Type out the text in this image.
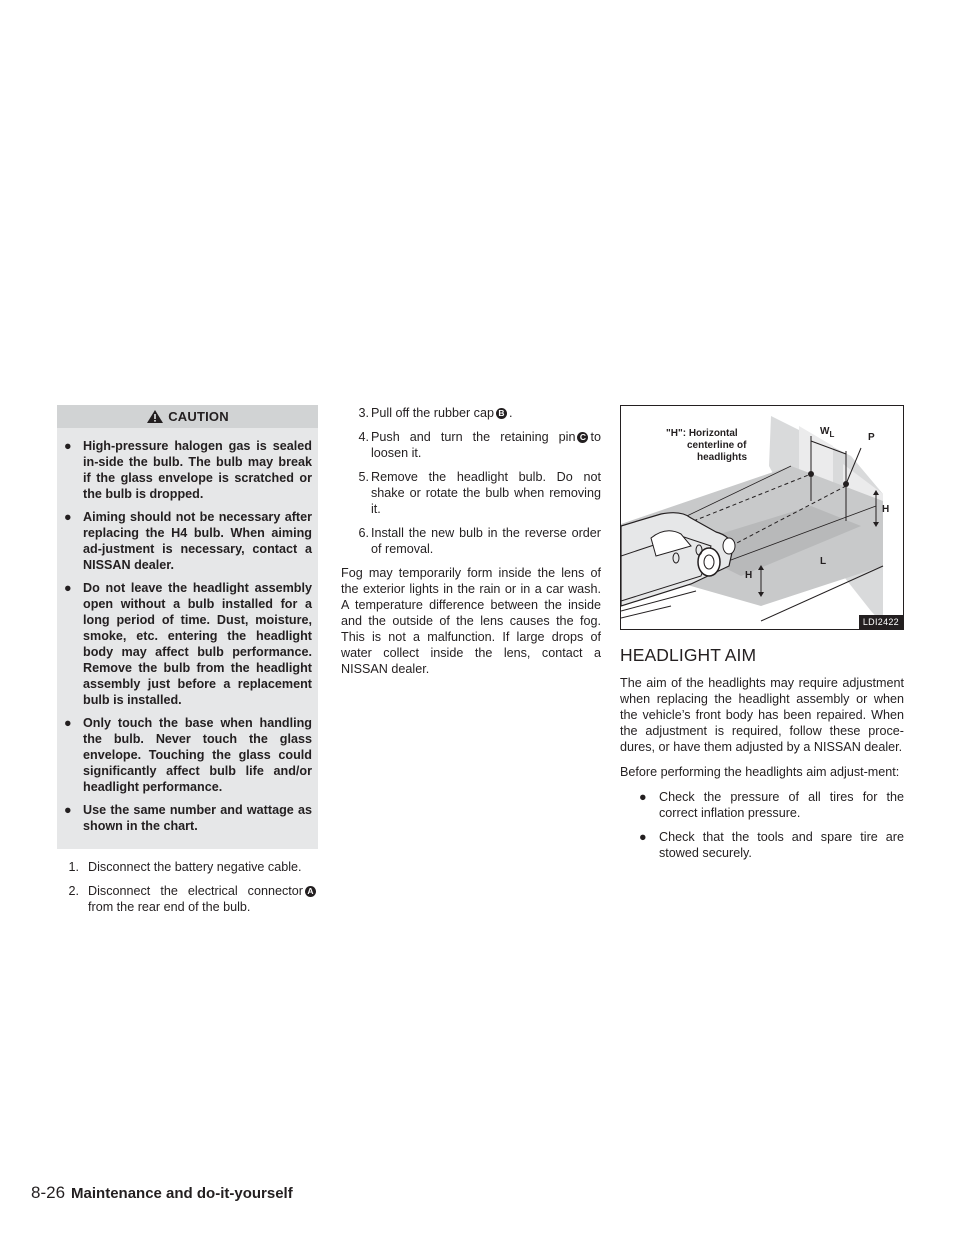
CAUTION
● High-pressure halogen gas is sealed in-side the bulb. The bulb may break if the glass envelope is scratched or the bulb is dropped.
● Aiming should not be necessary after replacing the H4 bulb. When aiming ad-justment is necessary, contact a NISSAN dealer.
● Do not leave the headlight assembly open without a bulb installed for a long period of time. Dust, moisture, smoke, etc. entering the headlight body may affect bulb performance. Remove the bulb from the headlight assembly just before a replacement bulb is installed.
● Only touch the base when handling the bulb. Never touch the glass envelope. Touching the glass could significantly affect bulb life and/or headlight performance.
● Use the same number and wattage as shown in the chart.
1. Disconnect the battery negative cable.
2. Disconnect the electrical connector Afrom the rear end of the bulb.
3. Pull off the rubber cap B .
4. Push and turn the retaining pin C to loosen it.
5. Remove the headlight bulb. Do not shake or rotate the bulb when removing it.
6. Install the new bulb in the reverse order of removal.

Fog may temporarily form inside the lens of the exterior lights in the rain or in a car wash. A temperature difference between the inside and the outside of the lens causes the fog. This is not a malfunction. If large drops of water collect inside the lens, contact a NISSAN dealer.

"H": Horizontal
centerline of
headlights
$W_L$	P
H
H
L
LDI2422
HEADLIGHT AIM

The aim of the headlights may require adjustment when replacing the headlight assembly or when the vehicle’s front body has been repaired. When the adjustment is required, follow these proce-dures, or have them adjusted by a NISSAN dealer.

Before performing the headlights aim adjust-ment:

● Check the pressure of all tires for the correct inflation pressure.
● Check that the tools and spare tire are stowed securely.
8-26 Maintenance and do-it-yourself
